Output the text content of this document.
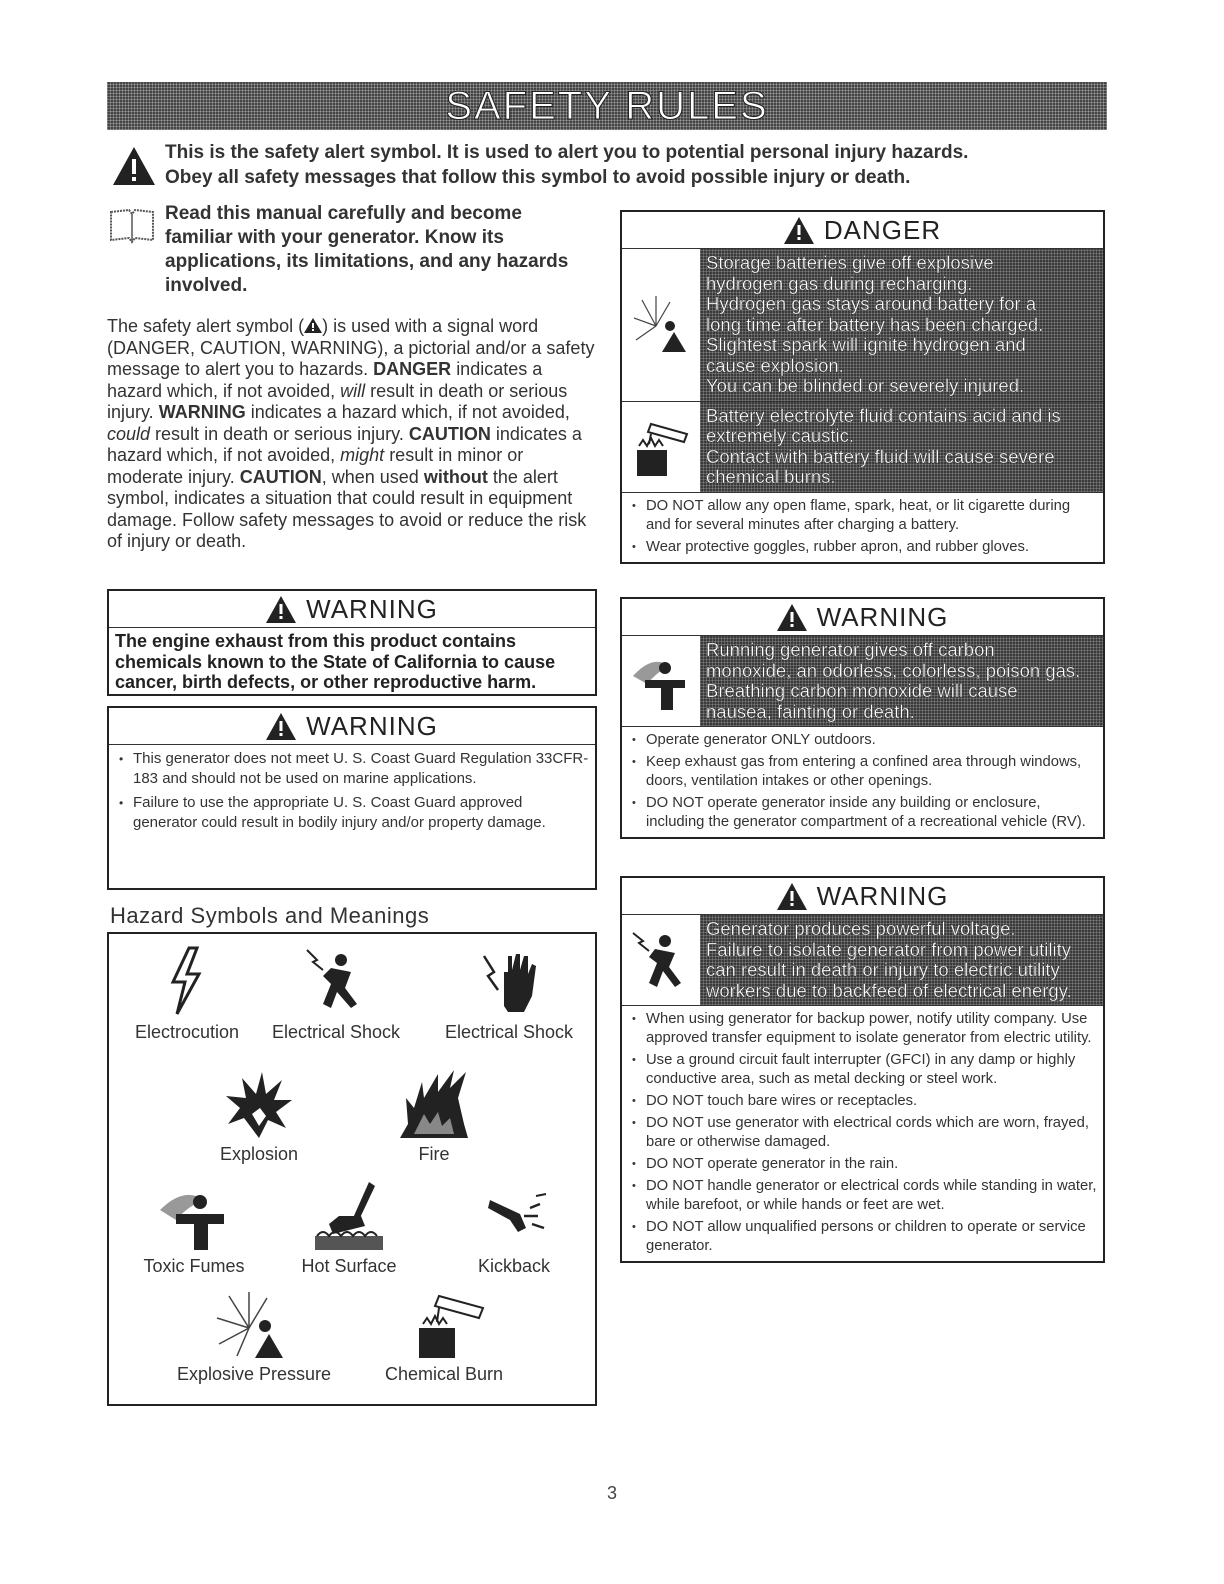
SAFETY RULES
This is the safety alert symbol. It is used to alert you to potential personal injury hazards.
Obey all safety messages that follow this symbol to avoid possible injury or death.
Read this manual carefully and become
familiar with your generator. Know its
applications, its limitations, and any hazards
involved.
The safety alert symbol ( ) is used with a signal word (DANGER, CAUTION, WARNING), a pictorial and/or a safety message to alert you to hazards. DANGER indicates a hazard which, if not avoided, will result in death or serious injury. WARNING indicates a hazard which, if not avoided, could result in death or serious injury. CAUTION indicates a hazard which, if not avoided, might result in minor or moderate injury. CAUTION, when used without the alert symbol, indicates a situation that could result in equipment damage. Follow safety messages to avoid or reduce the risk of injury or death.
WARNING
The engine exhaust from this product contains
chemicals known to the State of California to cause
cancer, birth defects, or other reproductive harm.
WARNING
• This generator does not meet U. S. Coast Guard Regulation 33CFR-183 and should not be used on marine applications.
• Failure to use the appropriate U. S. Coast Guard approved generator could result in bodily injury and/or property damage.
Hazard Symbols and Meanings
Electrocution	Electrical Shock	Electrical Shock
Explosion	Fire
Toxic Fumes	Hot Surface	Kickback
Explosive Pressure	Chemical Burn
DANGER
Storage batteries give off explosive
hydrogen gas during recharging.
Hydrogen gas stays around battery for a
long time after battery has been charged.
Slightest spark will ignite hydrogen and
cause explosion.
You can be blinded or severely injured.
Battery electrolyte fluid contains acid and is
extremely caustic.
Contact with battery fluid will cause severe
chemical burns.
• DO NOT allow any open flame, spark, heat, or lit cigarette during and for several minutes after charging a battery.
• Wear protective goggles, rubber apron, and rubber gloves.
WARNING
Running generator gives off carbon
monoxide, an odorless, colorless, poison gas.
Breathing carbon monoxide will cause
nausea, fainting or death.
• Operate generator ONLY outdoors.
• Keep exhaust gas from entering a confined area through windows, doors, ventilation intakes or other openings.
• DO NOT operate generator inside any building or enclosure, including the generator compartment of a recreational vehicle (RV).
WARNING
Generator produces powerful voltage.
Failure to isolate generator from power utility
can result in death or injury to electric utility
workers due to backfeed of electrical energy.
• When using generator for backup power, notify utility company. Use approved transfer equipment to isolate generator from electric utility.
• Use a ground circuit fault interrupter (GFCI) in any damp or highly conductive area, such as metal decking or steel work.
• DO NOT touch bare wires or receptacles.
• DO NOT use generator with electrical cords which are worn, frayed, bare or otherwise damaged.
• DO NOT operate generator in the rain.
• DO NOT handle generator or electrical cords while standing in water, while barefoot, or while hands or feet are wet.
• DO NOT allow unqualified persons or children to operate or service generator.
3
